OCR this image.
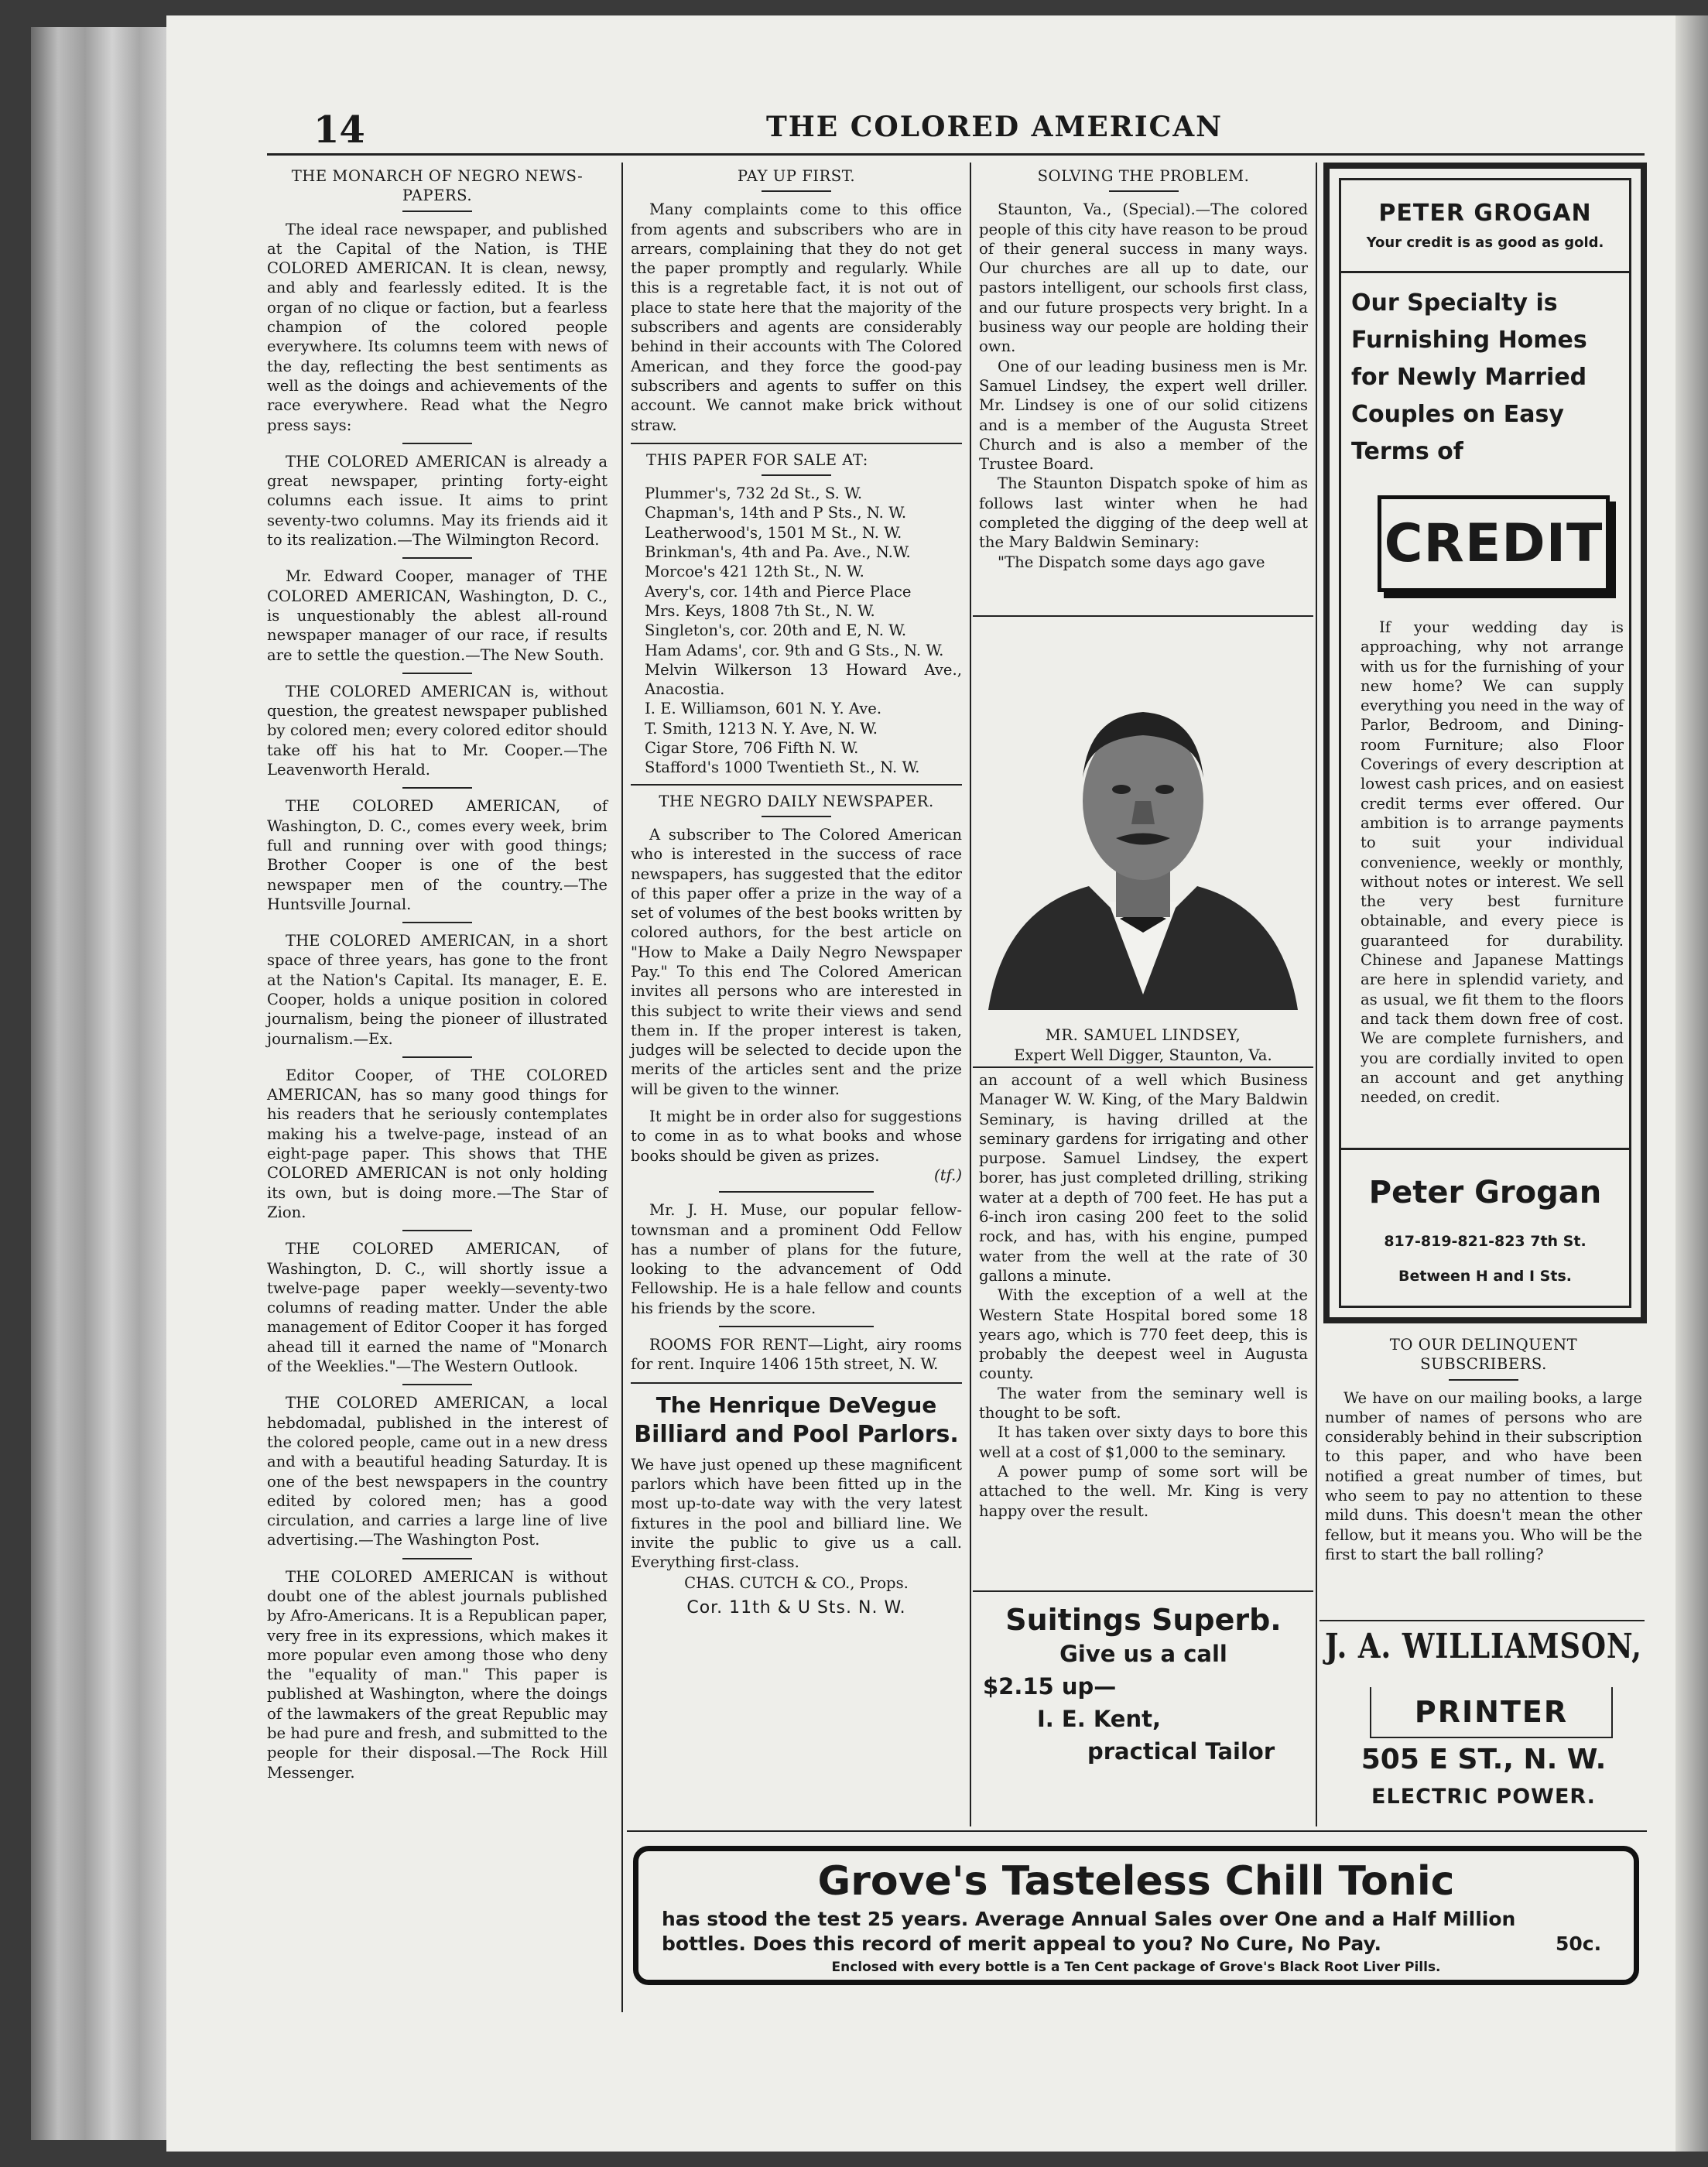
14	THE COLORED AMERICAN
THE MONARCH OF NEGRO NEWS-PAPERS.

The ideal race newspaper, and published at the Capital of the Nation, is THE COLORED AMERICAN. It is clean, newsy, and ably and fearlessly edited. It is the organ of no clique or faction, but a fearless champion of the colored people everywhere. Its columns teem with news of the day, reflecting the best sentiments as well as the doings and achievements of the race everywhere. Read what the Negro press says:

THE COLORED AMERICAN is already a great newspaper, printing forty-eight columns each issue. It aims to print seventy-two columns. May its friends aid it to its realization.—The Wilmington Record.

Mr. Edward Cooper, manager of THE COLORED AMERICAN, Washington, D. C., is unquestionably the ablest all-round newspaper manager of our race, if results are to settle the question.—The New South.

THE COLORED AMERICAN is, without question, the greatest newspaper published by colored men; every colored editor should take off his hat to Mr. Cooper.—The Leavenworth Herald.

THE COLORED AMERICAN, of Washington, D. C., comes every week, brim full and running over with good things; Brother Cooper is one of the best newspaper men of the country.—The Huntsville Journal.

THE COLORED AMERICAN, in a short space of three years, has gone to the front at the Nation's Capital. Its manager, E. E. Cooper, holds a unique position in colored journalism, being the pioneer of illustrated journalism.—Ex.

Editor Cooper, of THE COLORED AMERICAN, has so many good things for his readers that he seriously contemplates making his a twelve-page, instead of an eight-page paper. This shows that THE COLORED AMERICAN is not only holding its own, but is doing more.—The Star of Zion.

THE COLORED AMERICAN, of Washington, D. C., will shortly issue a twelve-page paper weekly—seventy-two columns of reading matter. Under the able management of Editor Cooper it has forged ahead till it earned the name of "Monarch of the Weeklies."—The Western Outlook.

THE COLORED AMERICAN, a local hebdomadal, published in the interest of the colored people, came out in a new dress and with a beautiful heading Saturday. It is one of the best newspapers in the country edited by colored men; has a good circulation, and carries a large line of live advertising.—The Washington Post.

THE COLORED AMERICAN is without doubt one of the ablest journals published by Afro-Americans. It is a Republican paper, very free in its expressions, which makes it more popular even among those who deny the "equality of man." This paper is published at Washington, where the doings of the lawmakers of the great Republic may be had pure and fresh, and submitted to the people for their disposal.—The Rock Hill Messenger.

PAY UP FIRST.

Many complaints come to this office from agents and subscribers who are in arrears, complaining that they do not get the paper promptly and regularly. While this is a regretable fact, it is not out of place to state here that the majority of the subscribers and agents are considerably behind in their accounts with The Colored American, and they force the good-pay subscribers and agents to suffer on this account. We cannot make brick without straw.

THIS PAPER FOR SALE AT:
Plummer's, 732 2d St., S. W.
Chapman's, 14th and P Sts., N. W.
Leatherwood's, 1501 M St., N. W.
Brinkman's, 4th and Pa. Ave., N.W.
Morcoe's 421 12th St., N. W.
Avery's, cor. 14th and Pierce Place
Mrs. Keys, 1808 7th St., N. W.
Singleton's, cor. 20th and E, N. W.
Ham Adams', cor. 9th and G Sts., N. W.
Melvin Wilkerson 13 Howard Ave., Anacostia.
I. E. Williamson, 601 N. Y. Ave.
T. Smith, 1213 N. Y. Ave, N. W.
Cigar Store, 706 Fifth N. W.
Stafford's 1000 Twentieth St., N. W.
THE NEGRO DAILY NEWSPAPER.

A subscriber to The Colored American who is interested in the success of race newspapers, has suggested that the editor of this paper offer a prize in the way of a set of volumes of the best books written by colored authors, for the best article on "How to Make a Daily Negro Newspaper Pay." To this end The Colored American invites all persons who are interested in this subject to write their views and send them in. If the proper interest is taken, judges will be selected to decide upon the merits of the articles sent and the prize will be given to the winner.

It might be in order also for suggestions to come in as to what books and whose books should be given as prizes.

(tf.)

Mr. J. H. Muse, our popular fellow-townsman and a prominent Odd Fellow has a number of plans for the future, looking to the advancement of Odd Fellowship. He is a hale fellow and counts his friends by the score.

ROOMS FOR RENT—Light, airy rooms for rent. Inquire 1406 15th street, N. W.

The Henrique DeVegue
Billiard and Pool Parlors.

We have just opened up these magnificent parlors which have been fitted up in the most up-to-date way with the very latest fixtures in the pool and billiard line. We invite the public to give us a call. Everything first-class.

CHAS. CUTCH & CO., Props.
Cor. 11th & U Sts. N. W.
SOLVING THE PROBLEM.

Staunton, Va., (Special).—The colored people of this city have reason to be proud of their general success in many ways. Our churches are all up to date, our pastors intelligent, our schools first class, and our future prospects very bright. In a business way our people are holding their own.

One of our leading business men is Mr. Samuel Lindsey, the expert well driller. Mr. Lindsey is one of our solid citizens and is a member of the Augusta Street Church and is also a member of the Trustee Board.

The Staunton Dispatch spoke of him as follows last winter when he had completed the digging of the deep well at the Mary Baldwin Seminary:

"The Dispatch some days ago gave

MR. SAMUEL LINDSEY,
Expert Well Digger, Staunton, Va.

an account of a well which Business Manager W. W. King, of the Mary Baldwin Seminary, is having drilled at the seminary gardens for irrigating and other purpose. Samuel Lindsey, the expert borer, has just completed drilling, striking water at a depth of 700 feet. He has put a 6-inch iron casing 200 feet to the solid rock, and has, with his engine, pumped water from the well at the rate of 30 gallons a minute.

With the exception of a well at the Western State Hospital bored some 18 years ago, which is 770 feet deep, this is probably the deepest weel in Augusta county.

The water from the seminary well is thought to be soft.

It has taken over sixty days to bore this well at a cost of $1,000 to the seminary.

A power pump of some sort will be attached to the well. Mr. King is very happy over the result.

Suitings Superb.
Give us a call
$2.15 up—
I. E. Kent,
practical Tailor
PETER GROGAN
Your credit is as good as gold.
Our Specialty is Furnishing Homes for Newly Married Couples on Easy Terms of
If your wedding day is approaching, why not arrange with us for the furnishing of your new home? We can supply everything you need in the way of Parlor, Bedroom, and Dining-room Furniture; also Floor Coverings of every description at lowest cash prices, and on easiest credit terms ever offered. Our ambition is to arrange payments to suit your individual convenience, weekly or monthly, without notes or interest. We sell the very best furniture obtainable, and every piece is guaranteed for durability. Chinese and Japanese Mattings are here in splendid variety, and as usual, we fit them to the floors and tack them down free of cost. We are complete furnishers, and you are cordially invited to open an account and get anything needed, on credit.
Peter Grogan
817-819-821-823 7th St.
Between H and I Sts.
CREDIT
TO OUR DELINQUENT SUBSCRIBERS.

We have on our mailing books, a large number of names of persons who are considerably behind in their subscription to this paper, and who have been notified a great number of times, but who seem to pay no attention to these mild duns. This doesn't mean the other fellow, but it means you. Who will be the first to start the ball rolling?

J. A. WILLIAMSON,
PRINTER
505 E ST., N. W.
ELECTRIC POWER.
Grove's Tasteless Chill Tonic
has stood the test 25 years. Average Annual Sales over One and a Half Million
bottles. Does this record of merit appeal to you? No Cure, No Pay.	50c.
Enclosed with every bottle is a Ten Cent package of Grove's Black Root Liver Pills.
